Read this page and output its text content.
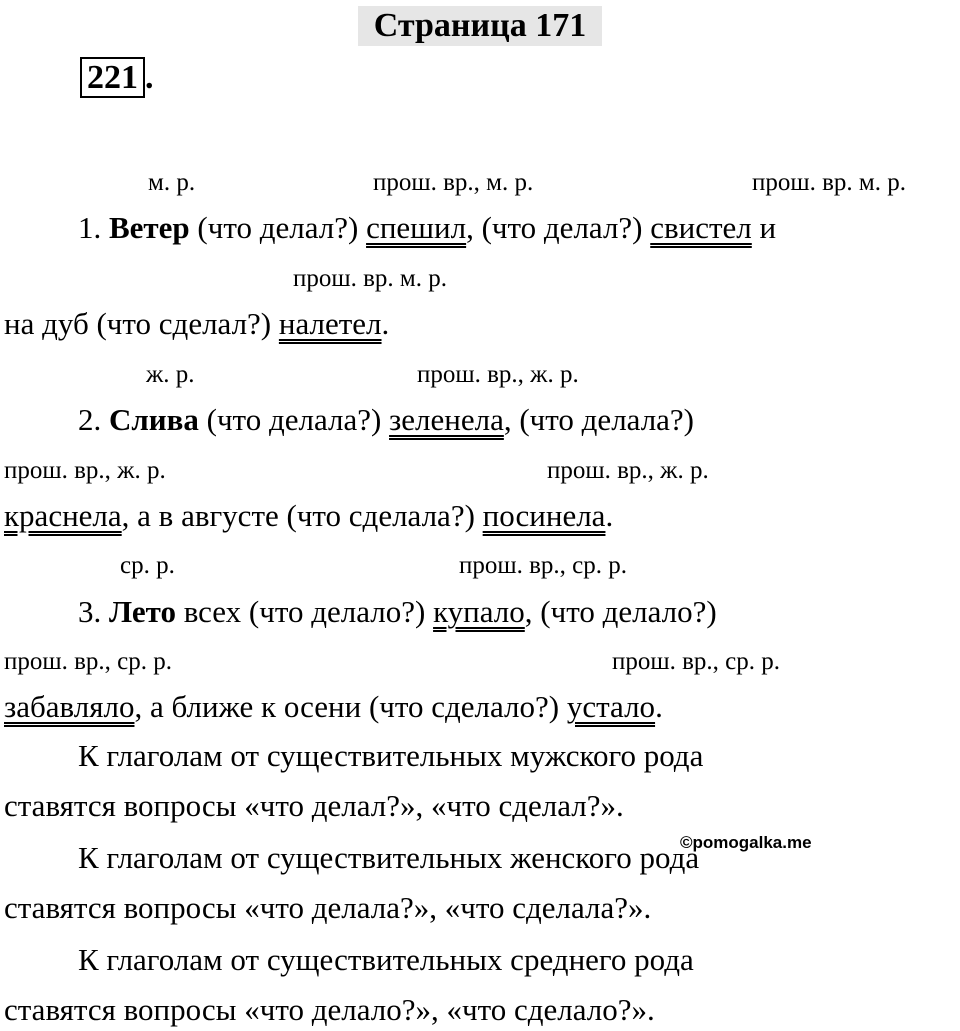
Страница 171
221 .
м. р.	прош. вр., м. р.	прош. вр. м. р.
1. Ветер (что делал?) спешил, (что делал?) свистел и
прош. вр. м. р.
на дуб (что сделал?) налетел.
ж. р.	прош. вр., ж. р.
2. Слива (что делала?) зеленела, (что делала?)
прош. вр., ж. р.	прош. вр., ж. р.
краснела, а в августе (что сделала?) посинела.
ср. р.	прош. вр., ср. р.
3. Лето всех (что делало?) купало, (что делало?)
прош. вр., ср. р.	прош. вр., ср. р.
забавляло, а ближе к осени (что сделало?) устало.
К глаголам от существительных мужского рода
ставятся вопросы «что делал?», «что сделал?».
К глаголам от существительных женского рода
ставятся вопросы «что делала?», «что сделала?».
К глаголам от существительных среднего рода
ставятся вопросы «что делало?», «что сделало?».
©pomogalka.me
